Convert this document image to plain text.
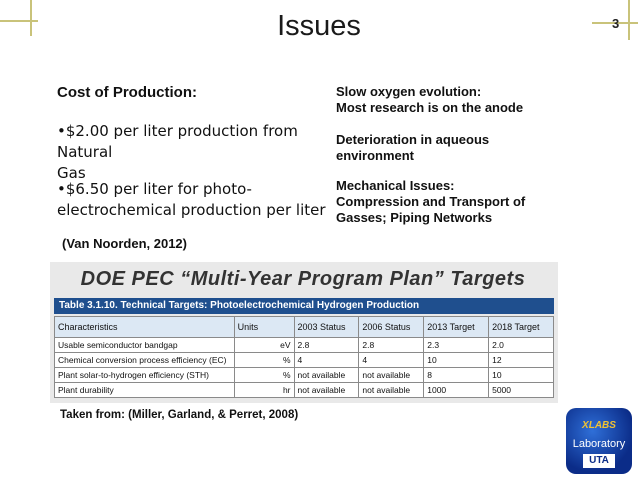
Issues	3
Cost of Production:
•$2.00 per liter production from Natural
Gas
•$6.50 per liter for photo-
electrochemical production per liter
(Van Noorden, 2012)
Slow oxygen evolution:
Most research is on the anode
Deterioration in aqueous
environment
Mechanical Issues:
Compression and Transport of
Gasses; Piping Networks
DOE PEC “Multi-Year Program Plan” Targets
Table 3.1.10. Technical Targets: Photoelectrochemical Hydrogen Production
Characteristics	Units	2003 Status	2006 Status	2013 Target	2018 Target
Usable semiconductor bandgap	eV	2.8	2.8	2.3	2.0
Chemical conversion process efficiency (EC)	%	4	4	10	12
Plant solar-to-hydrogen efficiency (STH)	%	not available	not available	8	10
Plant durability	hr	not available	not available	1000	5000
Taken from: (Miller, Garland, & Perret, 2008)
XLABS
Laboratory
UTA
